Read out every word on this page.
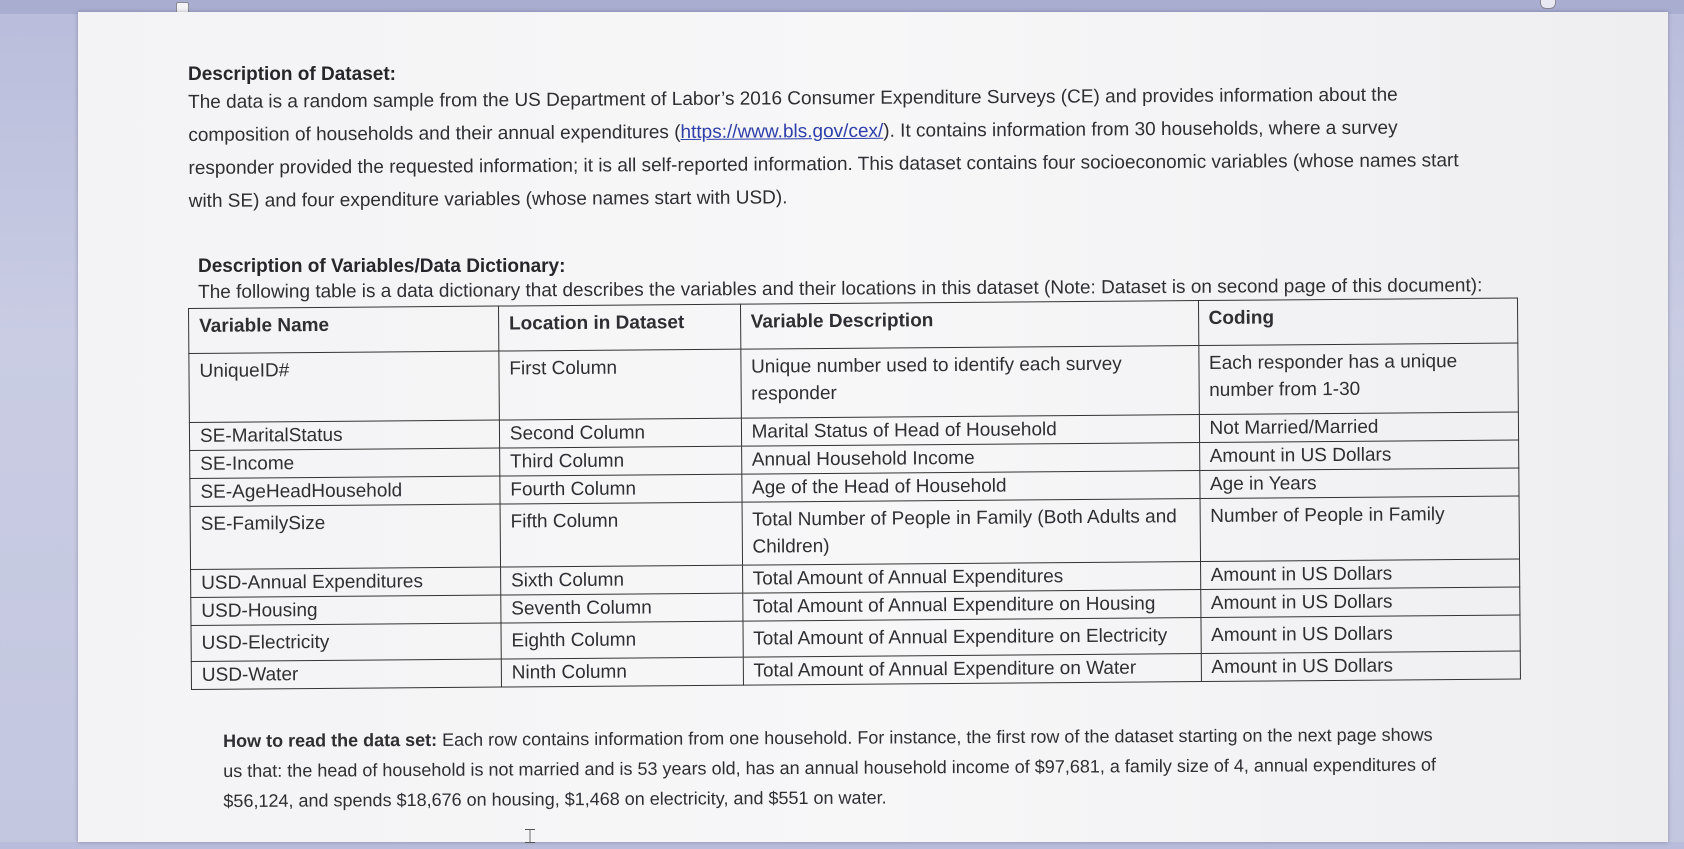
Description of Dataset:
The data is a random sample from the US Department of Labor’s 2016 Consumer Expenditure Surveys (CE) and provides information about the
composition of households and their annual expenditures (https://www.bls.gov/cex/). It contains information from 30 households, where a survey
responder provided the requested information; it is all self-reported information. This dataset contains four socioeconomic variables (whose names start
with SE) and four expenditure variables (whose names start with USD).
Description of Variables/Data Dictionary:
The following table is a data dictionary that describes the variables and their locations in this dataset (Note: Dataset is on second page of this document):
Variable Name	Location in Dataset	Variable Description	Coding
UniqueID#	First Column	Unique number used to identify each survey responder	Each responder has a unique number from 1-30
SE-MaritalStatus	Second Column	Marital Status of Head of Household	Not Married/Married
SE-Income	Third Column	Annual Household Income	Amount in US Dollars
SE-AgeHeadHousehold	Fourth Column	Age of the Head of Household	Age in Years
SE-FamilySize	Fifth Column	Total Number of People in Family (Both Adults and Children)	Number of People in Family
USD-Annual Expenditures	Sixth Column	Total Amount of Annual Expenditures	Amount in US Dollars
USD-Housing	Seventh Column	Total Amount of Annual Expenditure on Housing	Amount in US Dollars
USD-Electricity	Eighth Column	Total Amount of Annual Expenditure on Electricity	Amount in US Dollars
USD-Water	Ninth Column	Total Amount of Annual Expenditure on Water	Amount in US Dollars
How to read the data set: Each row contains information from one household. For instance, the first row of the dataset starting on the next page shows
us that: the head of household is not married and is 53 years old, has an annual household income of $97,681, a family size of 4, annual expenditures of
$56,124, and spends $18,676 on housing, $1,468 on electricity, and $551 on water.
⌶
